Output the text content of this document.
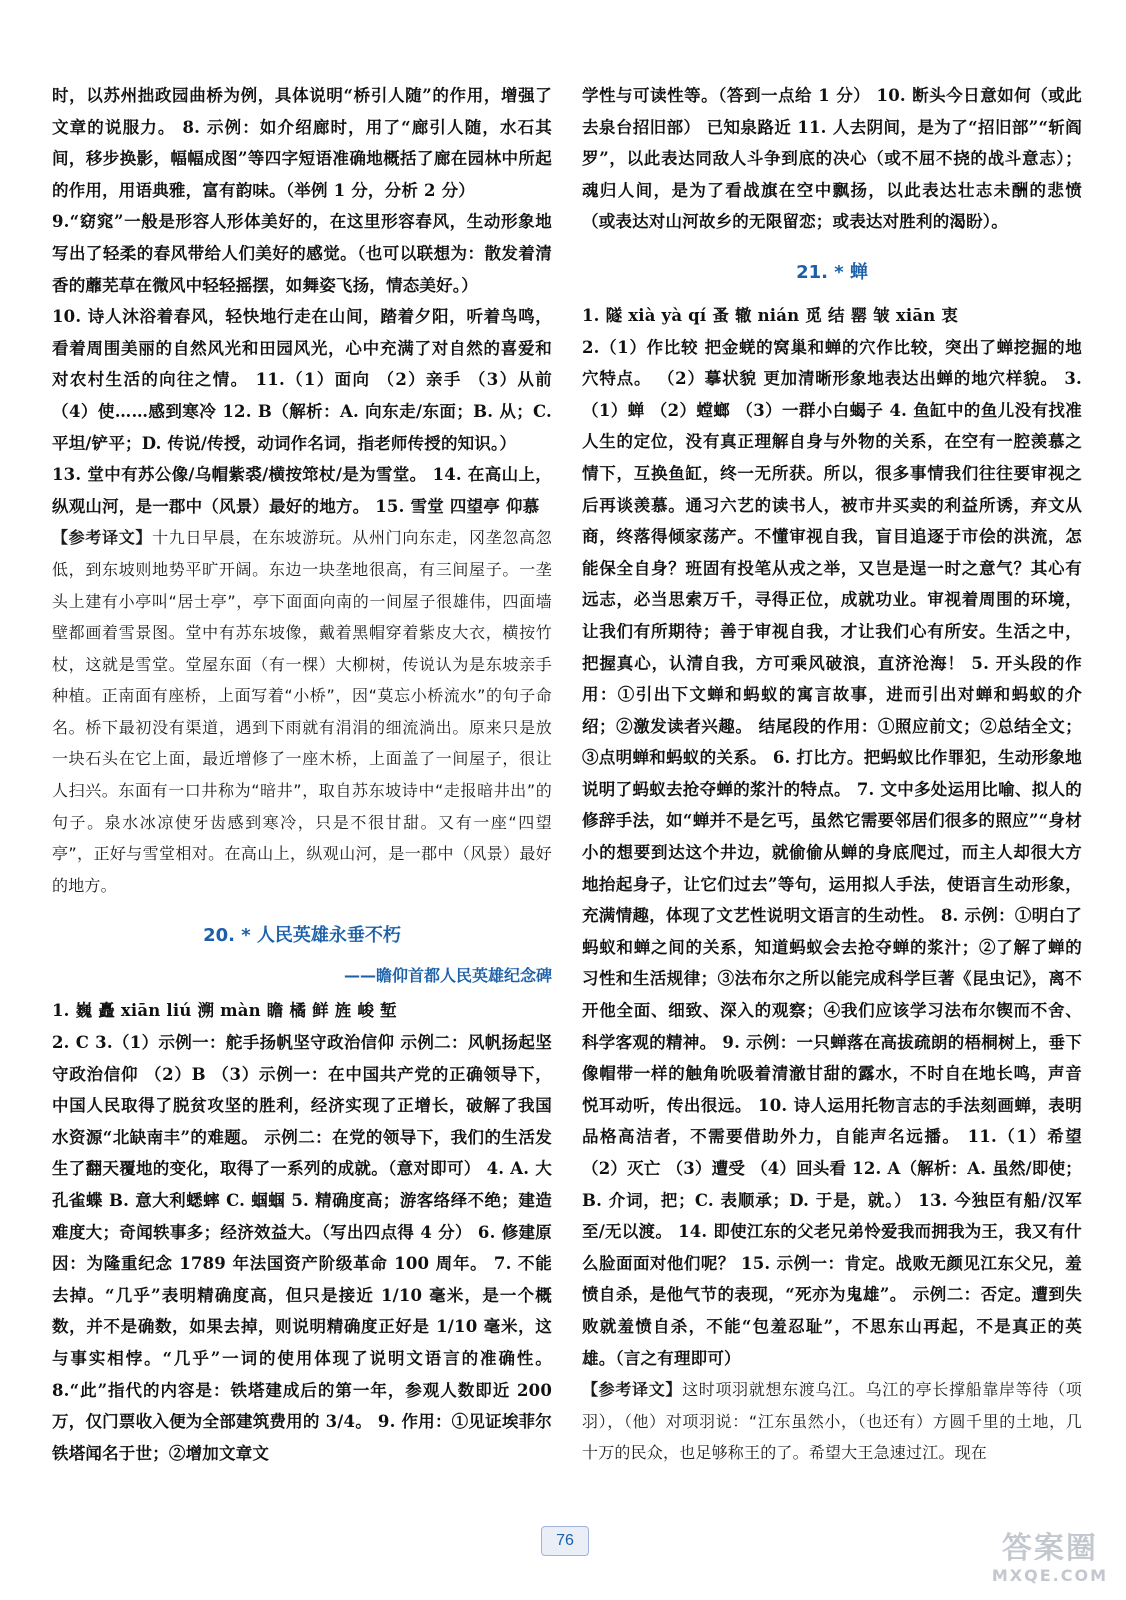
时，以苏州拙政园曲桥为例，具体说明“桥引人随”的作用，增强了文章的说服力。 8. 示例：如介绍廊时，用了“廊引人随，水石其间，移步换影，幅幅成图”等四字短语准确地概括了廊在园林中所起的作用，用语典雅，富有韵味。（举例 1 分，分析 2 分）

9.“窈窕”一般是形容人形体美好的，在这里形容春风，生动形象地写出了轻柔的春风带给人们美好的感觉。（也可以联想为：散发着清香的蘼芜草在微风中轻轻摇摆，如舞姿飞扬，情态美好。）

10. 诗人沐浴着春风，轻快地行走在山间，踏着夕阳，听着鸟鸣，看着周围美丽的自然风光和田园风光，心中充满了对自然的喜爱和对农村生活的向往之情。 11.（1）面向 （2）亲手 （3）从前 （4）使……感到寒冷 12. B（解析：A. 向东走/东面；B. 从；C. 平坦/铲平；D. 传说/传授，动词作名词，指老师传授的知识。）

13. 堂中有苏公像/乌帽紫裘/横按筇杖/是为雪堂。 14. 在高山上，纵观山河，是一郡中（风景）最好的地方。 15. 雪堂 四望亭 仰慕

【参考译文】十九日早晨，在东坡游玩。从州门向东走，冈垄忽高忽低，到东坡则地势平旷开阔。东边一块垄地很高，有三间屋子。一垄头上建有小亭叫“居士亭”，亭下面面向南的一间屋子很雄伟，四面墙壁都画着雪景图。堂中有苏东坡像，戴着黑帽穿着紫皮大衣，横按竹杖，这就是雪堂。堂屋东面（有一棵）大柳树，传说认为是东坡亲手种植。正南面有座桥，上面写着“小桥”，因“莫忘小桥流水”的句子命名。桥下最初没有渠道，遇到下雨就有涓涓的细流淌出。原来只是放一块石头在它上面，最近增修了一座木桥，上面盖了一间屋子，很让人扫兴。东面有一口井称为“暗井”，取自苏东坡诗中“走报暗井出”的句子。泉水冰凉使牙齿感到寒冷，只是不很甘甜。又有一座“四望亭”，正好与雪堂相对。在高山上，纵观山河，是一郡中（风景）最好的地方。

20. * 人民英雄永垂不朽
——瞻仰首都人民英雄纪念碑

1. 巍 矗 xiān liú 溯 màn 瞻 橘 鲜 旌 峻 堑

2. C 3.（1）示例一：舵手扬帆坚守政治信仰 示例二：风帆扬起坚守政治信仰 （2）B （3）示例一：在中国共产党的正确领导下，中国人民取得了脱贫攻坚的胜利，经济实现了正增长，破解了我国水资源“北缺南丰”的难题。 示例二：在党的领导下，我们的生活发生了翻天覆地的变化，取得了一系列的成就。（意对即可） 4. A. 大孔雀蝶 B. 意大利蟋蟀 C. 蝈蝈 5. 精确度高；游客络绎不绝；建造难度大；奇闻轶事多；经济效益大。（写出四点得 4 分） 6. 修建原因：为隆重纪念 1789 年法国资产阶级革命 100 周年。 7. 不能去掉。“几乎”表明精确度高，但只是接近 1/10 毫米，是一个概数，并不是确数，如果去掉，则说明精确度正好是 1/10 毫米，这与事实相悖。“几乎”一词的使用体现了说明文语言的准确性。 8.“此”指代的内容是：铁塔建成后的第一年，参观人数即近 200 万，仅门票收入便为全部建筑费用的 3/4。 9. 作用：①见证埃菲尔铁塔闻名于世；②增加文章文

学性与可读性等。（答到一点给 1 分） 10. 断头今日意如何（或此去泉台招旧部） 已知泉路近 11. 人去阴间，是为了“招旧部”“斩阎罗”，以此表达同敌人斗争到底的决心（或不屈不挠的战斗意志）；魂归人间，是为了看战旗在空中飘扬，以此表达壮志未酬的悲愤（或表达对山河故乡的无限留恋；或表达对胜利的渴盼）。

21. * 蝉

1. 隧 xià yà qí 蚤 辙 nián 觅 结 罂 皱 xiān 衷

2.（1）作比较 把金蜣的窝巢和蝉的穴作比较，突出了蝉挖掘的地穴特点。 （2）摹状貌 更加清晰形象地表达出蝉的地穴样貌。 3.（1）蝉 （2）螳螂 （3）一群小白蝎子 4. 鱼缸中的鱼儿没有找准人生的定位，没有真正理解自身与外物的关系，在空有一腔羡慕之情下，互换鱼缸，终一无所获。所以，很多事情我们往往要审视之后再谈羡慕。通习六艺的读书人，被市井买卖的利益所诱，弃文从商，终落得倾家荡产。不懂审视自我，盲目追逐于市侩的洪流，怎能保全自身？班固有投笔从戎之举，又岂是逞一时之意气？其心有远志，必当思索万千，寻得正位，成就功业。审视着周围的环境，让我们有所期待；善于审视自我，才让我们心有所安。生活之中，把握真心，认清自我，方可乘风破浪，直济沧海！ 5. 开头段的作用：①引出下文蝉和蚂蚁的寓言故事，进而引出对蝉和蚂蚁的介绍；②激发读者兴趣。 结尾段的作用：①照应前文；②总结全文；③点明蝉和蚂蚁的关系。 6. 打比方。把蚂蚁比作罪犯，生动形象地说明了蚂蚁去抢夺蝉的浆汁的特点。 7. 文中多处运用比喻、拟人的修辞手法，如“蝉并不是乞丐，虽然它需要邻居们很多的照应”“身材小的想要到达这个井边，就偷偷从蝉的身底爬过，而主人却很大方地抬起身子，让它们过去”等句，运用拟人手法，使语言生动形象，充满情趣，体现了文艺性说明文语言的生动性。 8. 示例：①明白了蚂蚁和蝉之间的关系，知道蚂蚁会去抢夺蝉的浆汁；②了解了蝉的习性和生活规律；③法布尔之所以能完成科学巨著《昆虫记》，离不开他全面、细致、深入的观察；④我们应该学习法布尔锲而不舍、科学客观的精神。 9. 示例：一只蝉落在高拔疏朗的梧桐树上，垂下像帽带一样的触角吮吸着清澈甘甜的露水，不时自在地长鸣，声音悦耳动听，传出很远。 10. 诗人运用托物言志的手法刻画蝉，表明品格高洁者，不需要借助外力，自能声名远播。 11.（1）希望 （2）灭亡 （3）遭受 （4）回头看 12. A（解析：A. 虽然/即使；B. 介词，把；C. 表顺承；D. 于是，就。） 13. 今独臣有船/汉军至/无以渡。 14. 即使江东的父老兄弟怜爱我而拥我为王，我又有什么脸面面对他们呢？ 15. 示例一：肯定。战败无颜见江东父兄，羞愤自杀，是他气节的表现，“死亦为鬼雄”。 示例二：否定。遭到失败就羞愤自杀，不能“包羞忍耻”，不思东山再起，不是真正的英雄。（言之有理即可）

【参考译文】这时项羽就想东渡乌江。乌江的亭长撑船靠岸等待（项羽），（他）对项羽说：“江东虽然小，（也还有）方圆千里的土地，几十万的民众，也足够称王的了。希望大王急速过江。现在

76	答案圈
MXQE.COM
